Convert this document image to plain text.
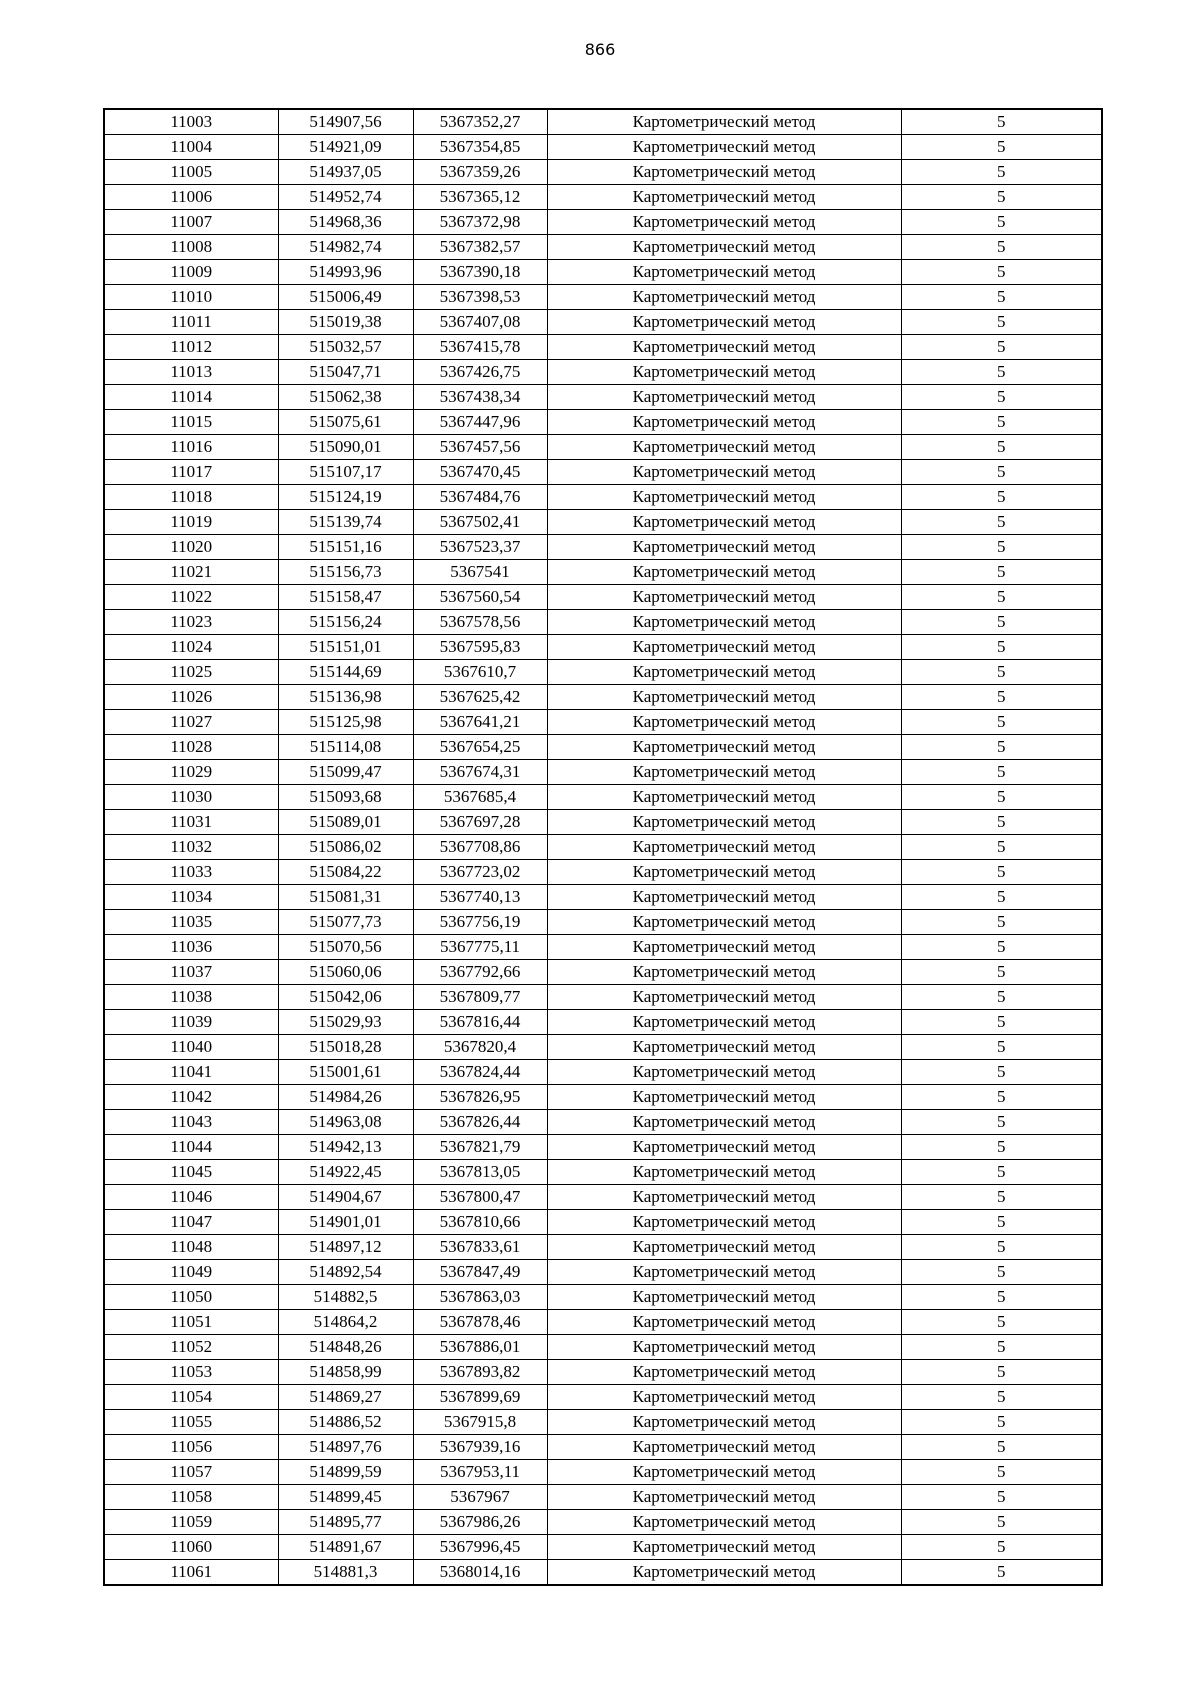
866
11003	514907,56	5367352,27	Картометрический метод	5
11004	514921,09	5367354,85	Картометрический метод	5
11005	514937,05	5367359,26	Картометрический метод	5
11006	514952,74	5367365,12	Картометрический метод	5
11007	514968,36	5367372,98	Картометрический метод	5
11008	514982,74	5367382,57	Картометрический метод	5
11009	514993,96	5367390,18	Картометрический метод	5
11010	515006,49	5367398,53	Картометрический метод	5
11011	515019,38	5367407,08	Картометрический метод	5
11012	515032,57	5367415,78	Картометрический метод	5
11013	515047,71	5367426,75	Картометрический метод	5
11014	515062,38	5367438,34	Картометрический метод	5
11015	515075,61	5367447,96	Картометрический метод	5
11016	515090,01	5367457,56	Картометрический метод	5
11017	515107,17	5367470,45	Картометрический метод	5
11018	515124,19	5367484,76	Картометрический метод	5
11019	515139,74	5367502,41	Картометрический метод	5
11020	515151,16	5367523,37	Картометрический метод	5
11021	515156,73	5367541	Картометрический метод	5
11022	515158,47	5367560,54	Картометрический метод	5
11023	515156,24	5367578,56	Картометрический метод	5
11024	515151,01	5367595,83	Картометрический метод	5
11025	515144,69	5367610,7	Картометрический метод	5
11026	515136,98	5367625,42	Картометрический метод	5
11027	515125,98	5367641,21	Картометрический метод	5
11028	515114,08	5367654,25	Картометрический метод	5
11029	515099,47	5367674,31	Картометрический метод	5
11030	515093,68	5367685,4	Картометрический метод	5
11031	515089,01	5367697,28	Картометрический метод	5
11032	515086,02	5367708,86	Картометрический метод	5
11033	515084,22	5367723,02	Картометрический метод	5
11034	515081,31	5367740,13	Картометрический метод	5
11035	515077,73	5367756,19	Картометрический метод	5
11036	515070,56	5367775,11	Картометрический метод	5
11037	515060,06	5367792,66	Картометрический метод	5
11038	515042,06	5367809,77	Картометрический метод	5
11039	515029,93	5367816,44	Картометрический метод	5
11040	515018,28	5367820,4	Картометрический метод	5
11041	515001,61	5367824,44	Картометрический метод	5
11042	514984,26	5367826,95	Картометрический метод	5
11043	514963,08	5367826,44	Картометрический метод	5
11044	514942,13	5367821,79	Картометрический метод	5
11045	514922,45	5367813,05	Картометрический метод	5
11046	514904,67	5367800,47	Картометрический метод	5
11047	514901,01	5367810,66	Картометрический метод	5
11048	514897,12	5367833,61	Картометрический метод	5
11049	514892,54	5367847,49	Картометрический метод	5
11050	514882,5	5367863,03	Картометрический метод	5
11051	514864,2	5367878,46	Картометрический метод	5
11052	514848,26	5367886,01	Картометрический метод	5
11053	514858,99	5367893,82	Картометрический метод	5
11054	514869,27	5367899,69	Картометрический метод	5
11055	514886,52	5367915,8	Картометрический метод	5
11056	514897,76	5367939,16	Картометрический метод	5
11057	514899,59	5367953,11	Картометрический метод	5
11058	514899,45	5367967	Картометрический метод	5
11059	514895,77	5367986,26	Картометрический метод	5
11060	514891,67	5367996,45	Картометрический метод	5
11061	514881,3	5368014,16	Картометрический метод	5
